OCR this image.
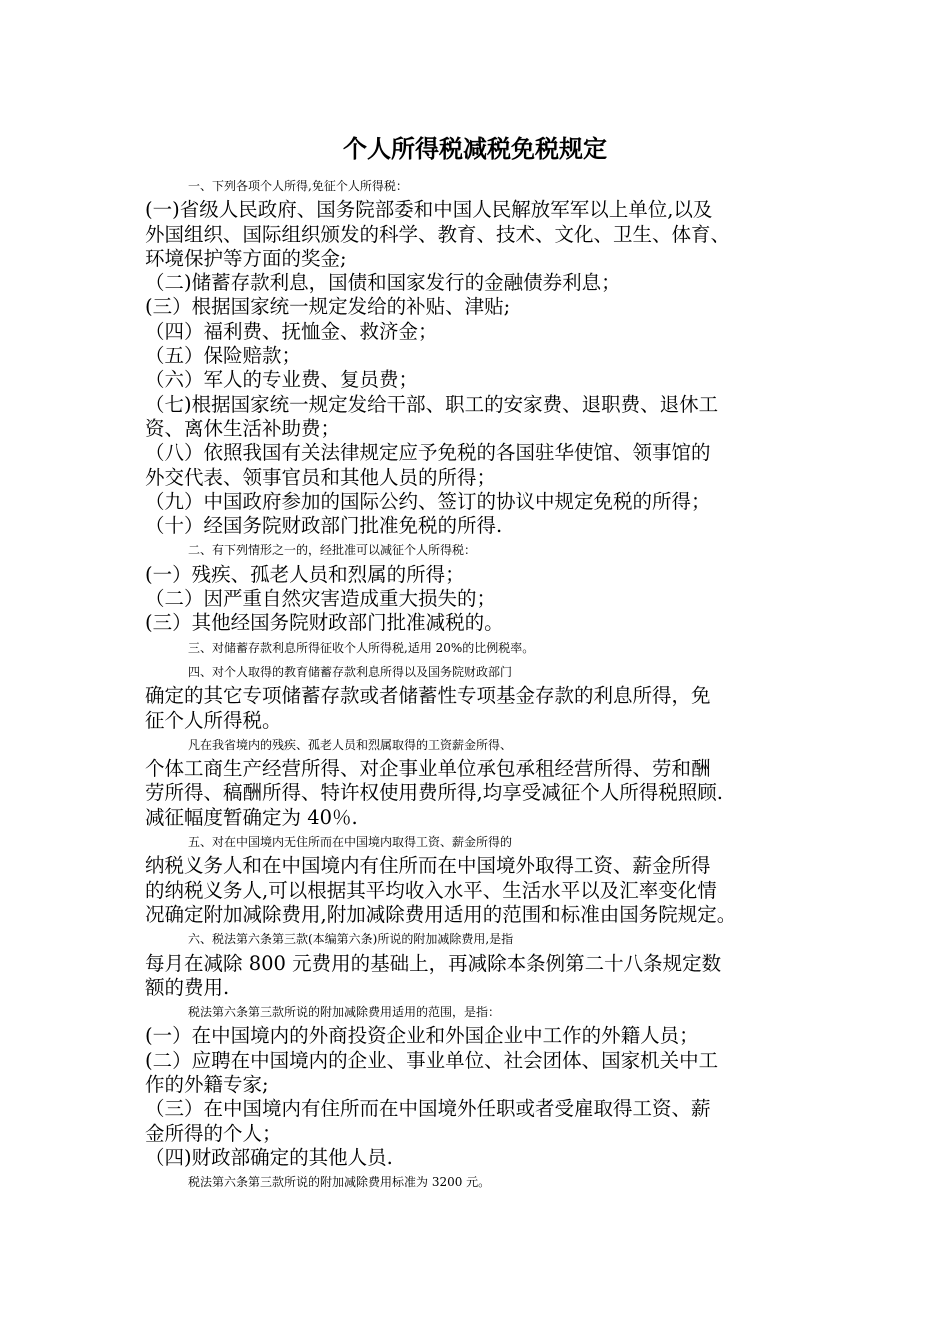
个人所得税减税免税规定
一、下列各项个人所得,免征个人所得税：
(一)省级人民政府、国务院部委和中国人民解放军军以上单位,以及
外国组织、国际组织颁发的科学、教育、技术、文化、卫生、体育、
环境保护等方面的奖金;
（二)储蓄存款利息，国债和国家发行的金融债券利息；
(三）根据国家统一规定发给的补贴、津贴;
（四）福利费、抚恤金、救济金；
（五）保险赔款；
（六）军人的专业费、复员费；
（七)根据国家统一规定发给干部、职工的安家费、退职费、退休工
资、离休生活补助费；
（八）依照我国有关法律规定应予免税的各国驻华使馆、领事馆的
外交代表、领事官员和其他人员的所得；
（九）中国政府参加的国际公约、签订的协议中规定免税的所得；
（十）经国务院财政部门批准免税的所得.
二、有下列情形之一的，经批准可以减征个人所得税：
(一）残疾、孤老人员和烈属的所得；
（二）因严重自然灾害造成重大损失的；
(三）其他经国务院财政部门批准减税的。
三、对储蓄存款利息所得征收个人所得税,适用 20%的比例税率。
四、对个人取得的教育储蓄存款利息所得以及国务院财政部门
确定的其它专项储蓄存款或者储蓄性专项基金存款的利息所得，免
征个人所得税。
凡在我省境内的残疾、孤老人员和烈属取得的工资薪金所得、
个体工商生产经营所得、对企事业单位承包承租经营所得、劳和酬
劳所得、稿酬所得、特许权使用费所得,均享受减征个人所得税照顾.
减征幅度暂确定为 40％.
五、对在中国境内无住所而在中国境内取得工资、薪金所得的
纳税义务人和在中国境内有住所而在中国境外取得工资、薪金所得
的纳税义务人,可以根据其平均收入水平、生活水平以及汇率变化情
况确定附加减除费用,附加减除费用适用的范围和标准由国务院规定。
六、税法第六条第三款(本编第六条)所说的附加减除费用,是指
每月在减除 800 元费用的基础上，再减除本条例第二十八条规定数
额的费用.
税法第六条第三款所说的附加减除费用适用的范围，是指：
(一）在中国境内的外商投资企业和外国企业中工作的外籍人员；
(二）应聘在中国境内的企业、事业单位、社会团体、国家机关中工
作的外籍专家;
（三）在中国境内有住所而在中国境外任职或者受雇取得工资、薪
金所得的个人；
（四)财政部确定的其他人员.
税法第六条第三款所说的附加减除费用标准为 3200 元。
